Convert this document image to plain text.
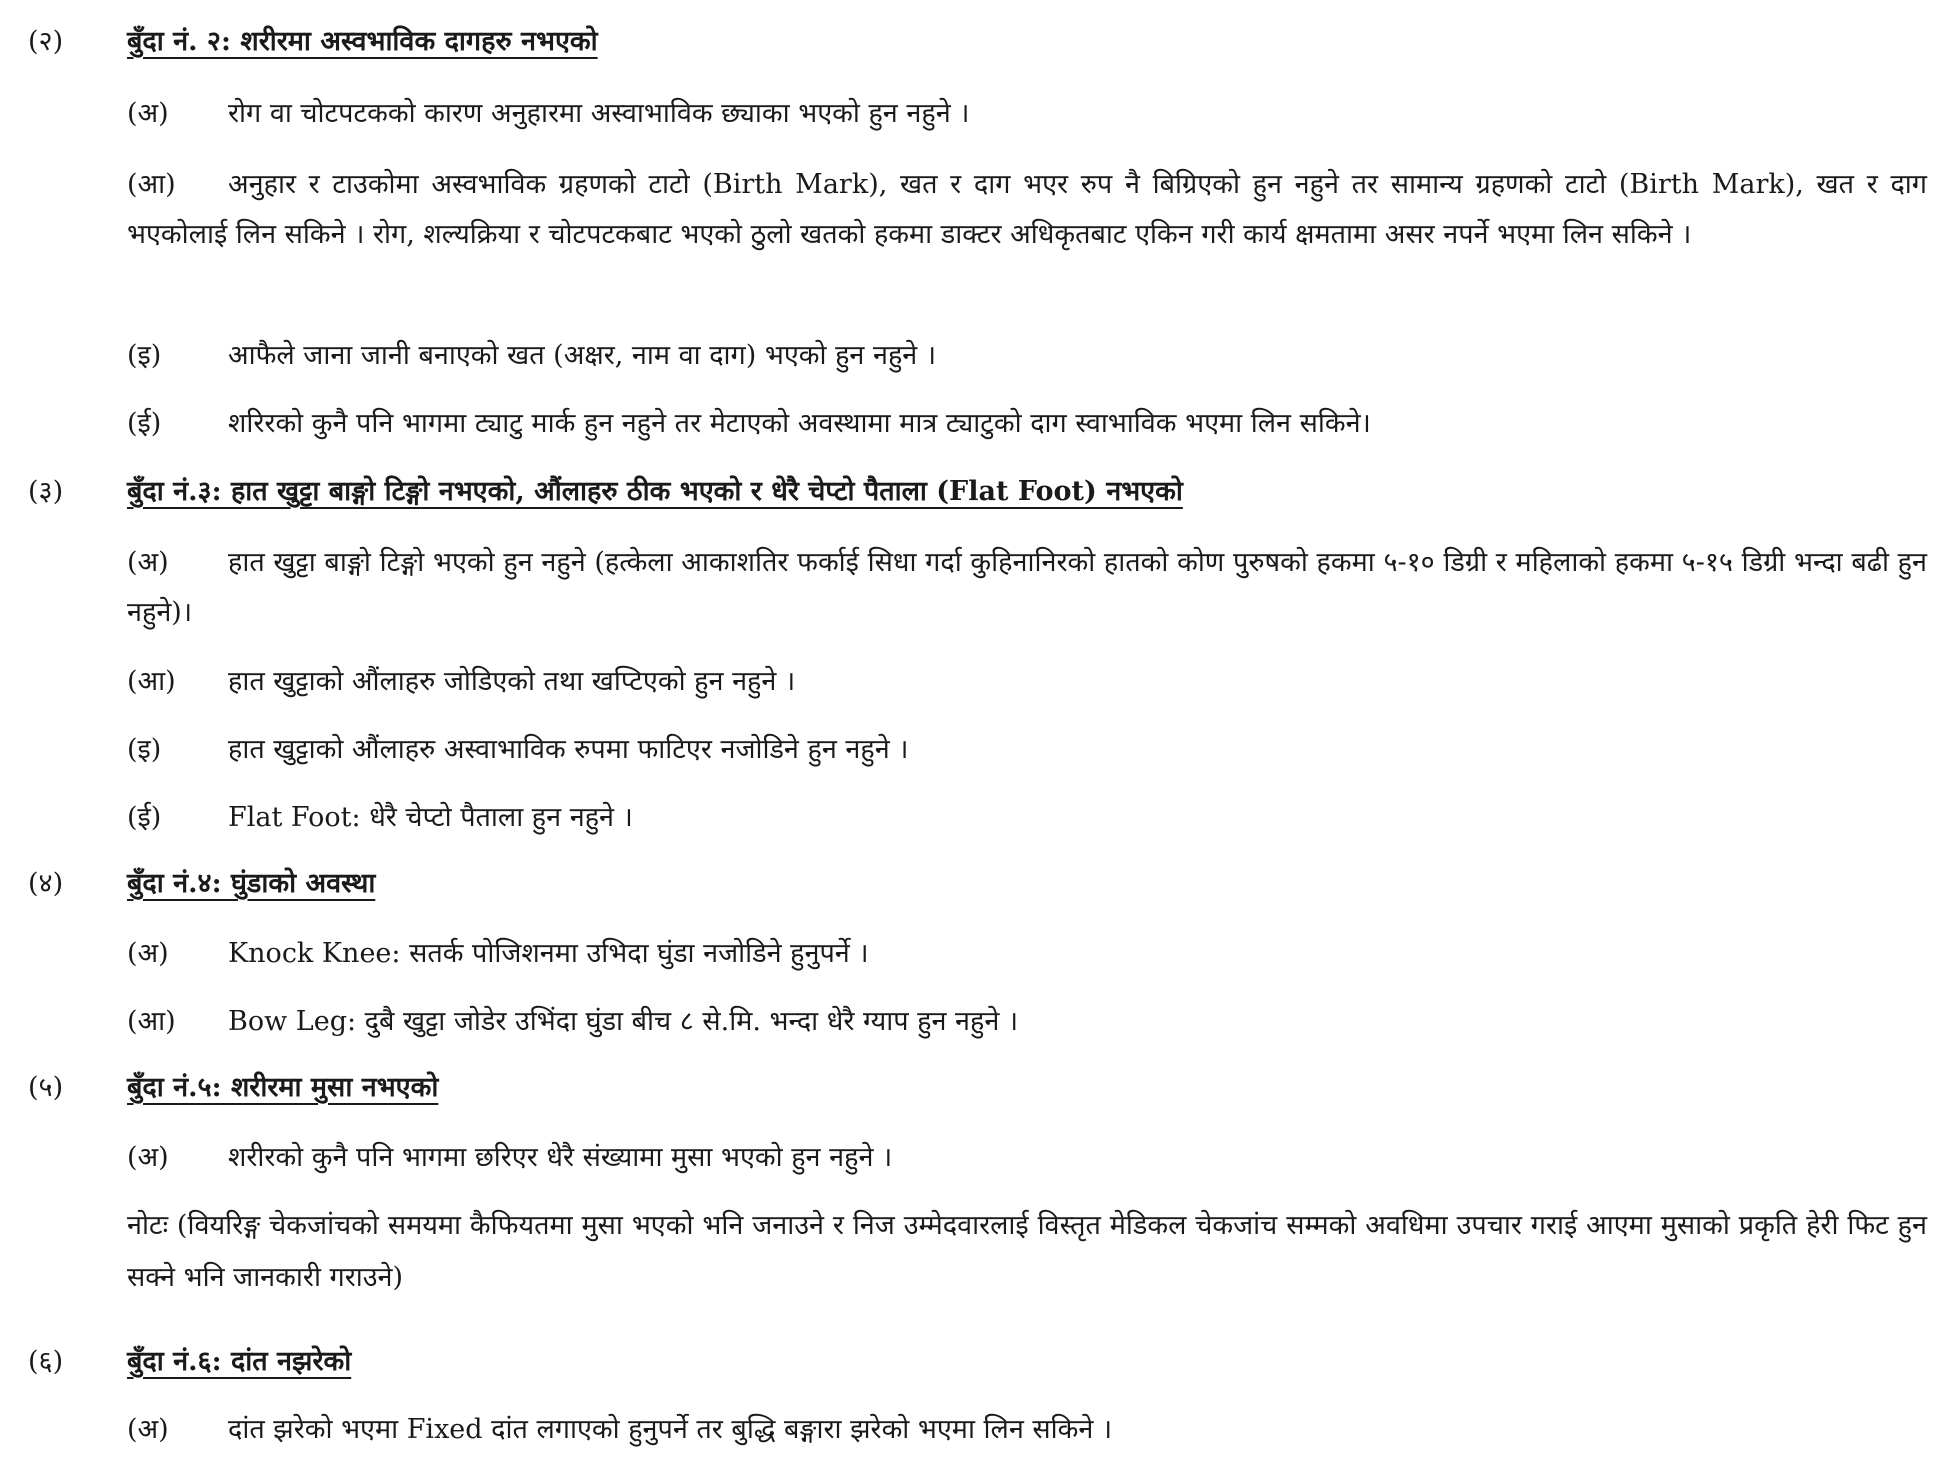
(२) बुँदा नं. २: शरीरमा अस्वभाविक दागहरु नभएको
(अ) रोग वा चोटपटकको कारण अनुहारमा अस्वाभाविक छ्याका भएको हुन नहुने ।
(आ) अनुहार र टाउकोमा अस्वभाविक ग्रहणको टाटो (Birth Mark), खत र दाग भएर रुप नै बिग्रिएको हुन नहुने तर सामान्य ग्रहणको टाटो (Birth Mark), खत र दाग भएकोलाई लिन सकिने । रोग, शल्यक्रिया र चोटपटकबाट भएको ठुलो खतको हकमा डाक्टर अधिकृतबाट एकिन गरी कार्य क्षमतामा असर नपर्ने भएमा लिन सकिने ।
(इ) आफैले जाना जानी बनाएको खत (अक्षर, नाम वा दाग) भएको हुन नहुने ।
(ई) शरिरको कुनै पनि भागमा ट्याटु मार्क हुन नहुने तर मेटाएको अवस्थामा मात्र ट्याटुको दाग स्वाभाविक भएमा लिन सकिने।
(३) बुँदा नं.३: हात खुट्टा बाङ्गो टिङ्गो नभएको, औंलाहरु ठीक भएको र धेरै चेप्टो पैताला (Flat Foot) नभएको
(अ) हात खुट्टा बाङ्गो टिङ्गो भएको हुन नहुने (हत्केला आकाशतिर फर्काई सिधा गर्दा कुहिनानिरको हातको कोण पुरुषको हकमा ५-१० डिग्री र महिलाको हकमा ५-१५ डिग्री भन्दा बढी हुन नहुने)।
(आ) हात खुट्टाको औंलाहरु जोडिएको तथा खप्टिएको हुन नहुने ।
(इ) हात खुट्टाको औंलाहरु अस्वाभाविक रुपमा फाटिएर नजोडिने हुन नहुने ।
(ई) Flat Foot: धेरै चेप्टो पैताला हुन नहुने ।
(४) बुँदा नं.४: घुंडाको अवस्था
(अ) Knock Knee: सतर्क पोजिशनमा उभिदा घुंडा नजोडिने हुनुपर्ने ।
(आ) Bow Leg: दुबै खुट्टा जोडेर उभिंदा घुंडा बीच ८ से.मि. भन्दा धेरै ग्याप हुन नहुने ।
(५) बुँदा नं.५: शरीरमा मुसा नभएको
(अ) शरीरको कुनै पनि भागमा छरिएर धेरै संख्यामा मुसा भएको हुन नहुने ।
नोटः (वियरिङ्ग चेकजांचको समयमा कैफियतमा मुसा भएको भनि जनाउने र निज उम्मेदवारलाई विस्तृत मेडिकल चेकजांच सम्मको अवधिमा उपचार गराई आएमा मुसाको प्रकृति हेरी फिट हुन सक्ने भनि जानकारी गराउने)
(६) बुँदा नं.६: दांत नझरेको
(अ) दांत झरेको भएमा Fixed दांत लगाएको हुनुपर्ने तर बुद्धि बङ्गारा झरेको भएमा लिन सकिने ।
